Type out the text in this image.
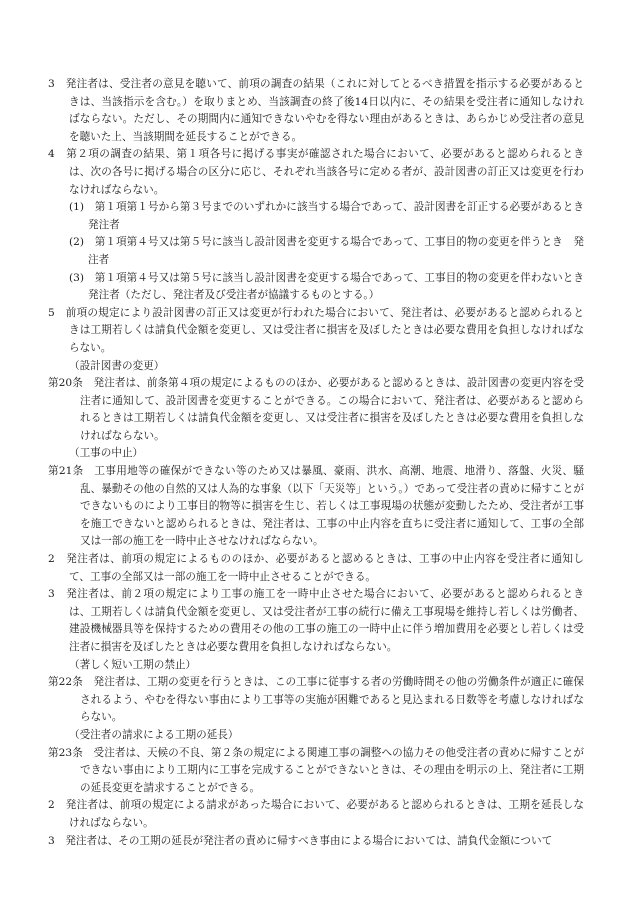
3　発注者は、受注者の意見を聴いて、前項の調査の結果（これに対してとるべき措置を指示する必要があるときは、当該指示を含む。）を取りまとめ、当該調査の終了後14日以内に、その結果を受注者に通知しなければならない。ただし、その期間内に通知できないやむを得ない理由があるときは、あらかじめ受注者の意見を聴いた上、当該期間を延長することができる。

4　第２項の調査の結果、第１項各号に掲げる事実が確認された場合において、必要があると認められるときは、次の各号に掲げる場合の区分に応じ、それぞれ当該各号に定める者が、設計図書の訂正又は変更を行わなければならない。

(1)　第１項第１号から第３号までのいずれかに該当する場合であって、設計図書を訂正する必要があるとき　発注者

(2)　第１項第４号又は第５号に該当し設計図書を変更する場合であって、工事目的物の変更を伴うとき　発注者

(3)　第１項第４号又は第５号に該当し設計図書を変更する場合であって、工事目的物の変更を伴わないとき　発注者（ただし、発注者及び受注者が協議するものとする。）

5　前項の規定により設計図書の訂正又は変更が行われた場合において、発注者は、必要があると認められるときは工期若しくは請負代金額を変更し、又は受注者に損害を及ぼしたときは必要な費用を負担しなければならない。

（設計図書の変更）

第20条　発注者は、前条第４項の規定によるもののほか、必要があると認めるときは、設計図書の変更内容を受注者に通知して、設計図書を変更することができる。この場合において、発注者は、必要があると認められるときは工期若しくは請負代金額を変更し、又は受注者に損害を及ぼしたときは必要な費用を負担しなければならない。

（工事の中止）

第21条　工事用地等の確保ができない等のため又は暴風、豪雨、洪水、高潮、地震、地滑り、落盤、火災、騒乱、暴動その他の自然的又は人為的な事象（以下「天災等」という。）であって受注者の責めに帰すことができないものにより工事目的物等に損害を生じ、若しくは工事現場の状態が変動したため、受注者が工事を施工できないと認められるときは、発注者は、工事の中止内容を直ちに受注者に通知して、工事の全部又は一部の施工を一時中止させなければならない。

2　発注者は、前項の規定によるもののほか、必要があると認めるときは、工事の中止内容を受注者に通知して、工事の全部又は一部の施工を一時中止させることができる。

3　発注者は、前２項の規定により工事の施工を一時中止させた場合において、必要があると認められるときは、工期若しくは請負代金額を変更し、又は受注者が工事の続行に備え工事現場を維持し若しくは労働者、建設機械器具等を保持するための費用その他の工事の施工の一時中止に伴う増加費用を必要とし若しくは受注者に損害を及ぼしたときは必要な費用を負担しなければならない。

（著しく短い工期の禁止）

第22条　発注者は、工期の変更を行うときは、この工事に従事する者の労働時間その他の労働条件が適正に確保されるよう、やむを得ない事由により工事等の実施が困難であると見込まれる日数等を考慮しなければならない。

（受注者の請求による工期の延長）

第23条　受注者は、天候の不良、第２条の規定による関連工事の調整への協力その他受注者の責めに帰すことができない事由により工期内に工事を完成することができないときは、その理由を明示の上、発注者に工期の延長変更を請求することができる。

2　発注者は、前項の規定による請求があった場合において、必要があると認められるときは、工期を延長しなければならない。

3　発注者は、その工期の延長が発注者の責めに帰すべき事由による場合においては、請負代金額について
